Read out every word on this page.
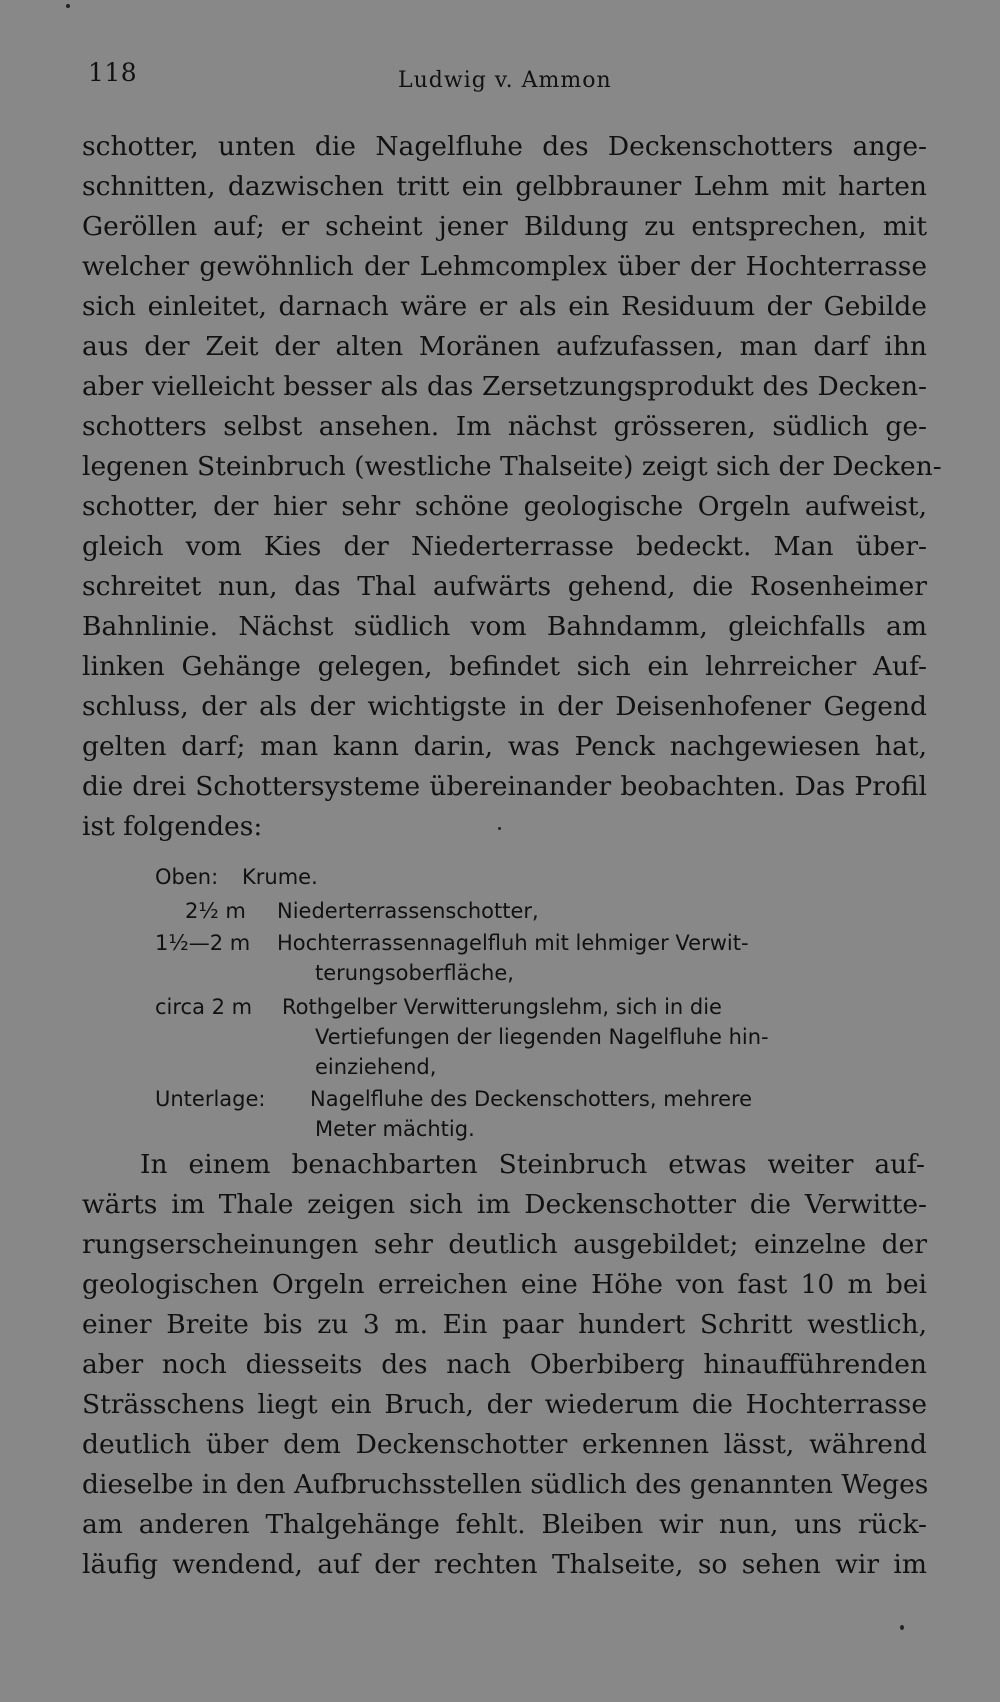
118	Ludwig v. Ammon
schotter, unten die Nagelfluhe des Deckenschotters ange-
schnitten, dazwischen tritt ein gelbbrauner Lehm mit harten
Geröllen auf; er scheint jener Bildung zu entsprechen, mit
welcher gewöhnlich der Lehmcomplex über der Hochterrasse
sich einleitet, darnach wäre er als ein Residuum der Gebilde
aus der Zeit der alten Moränen aufzufassen, man darf ihn
aber vielleicht besser als das Zersetzungsprodukt des Decken-
schotters selbst ansehen. Im nächst grösseren, südlich ge-
legenen Steinbruch (westliche Thalseite) zeigt sich der Decken-
schotter, der hier sehr schöne geologische Orgeln aufweist,
gleich vom Kies der Niederterrasse bedeckt. Man über-
schreitet nun, das Thal aufwärts gehend, die Rosenheimer
Bahnlinie. Nächst südlich vom Bahndamm, gleichfalls am
linken Gehänge gelegen, befindet sich ein lehrreicher Auf-
schluss, der als der wichtigste in der Deisenhofener Gegend
gelten darf; man kann darin, was Penck nachgewiesen hat,
die drei Schottersysteme übereinander beobachten. Das Profil
ist folgendes:
Oben:	Krume.
2½ m	Niederterrassenschotter,
1½—2 m	Hochterrassennagelfluh mit lehmiger Verwit-
terungsoberfläche,
circa 2 m	Rothgelber Verwitterungslehm, sich in die
Vertiefungen der liegenden Nagelfluhe hin-
einziehend,
Unterlage:	Nagelfluhe des Deckenschotters, mehrere
Meter mächtig.
In einem benachbarten Steinbruch etwas weiter auf-
wärts im Thale zeigen sich im Deckenschotter die Verwitte-
rungserscheinungen sehr deutlich ausgebildet; einzelne der
geologischen Orgeln erreichen eine Höhe von fast 10 m bei
einer Breite bis zu 3 m. Ein paar hundert Schritt westlich,
aber noch diesseits des nach Oberbiberg hinaufführenden
Strässchens liegt ein Bruch, der wiederum die Hochterrasse
deutlich über dem Deckenschotter erkennen lässt, während
dieselbe in den Aufbruchsstellen südlich des genannten Weges
am anderen Thalgehänge fehlt. Bleiben wir nun, uns rück-
läufig wendend, auf der rechten Thalseite, so sehen wir im
